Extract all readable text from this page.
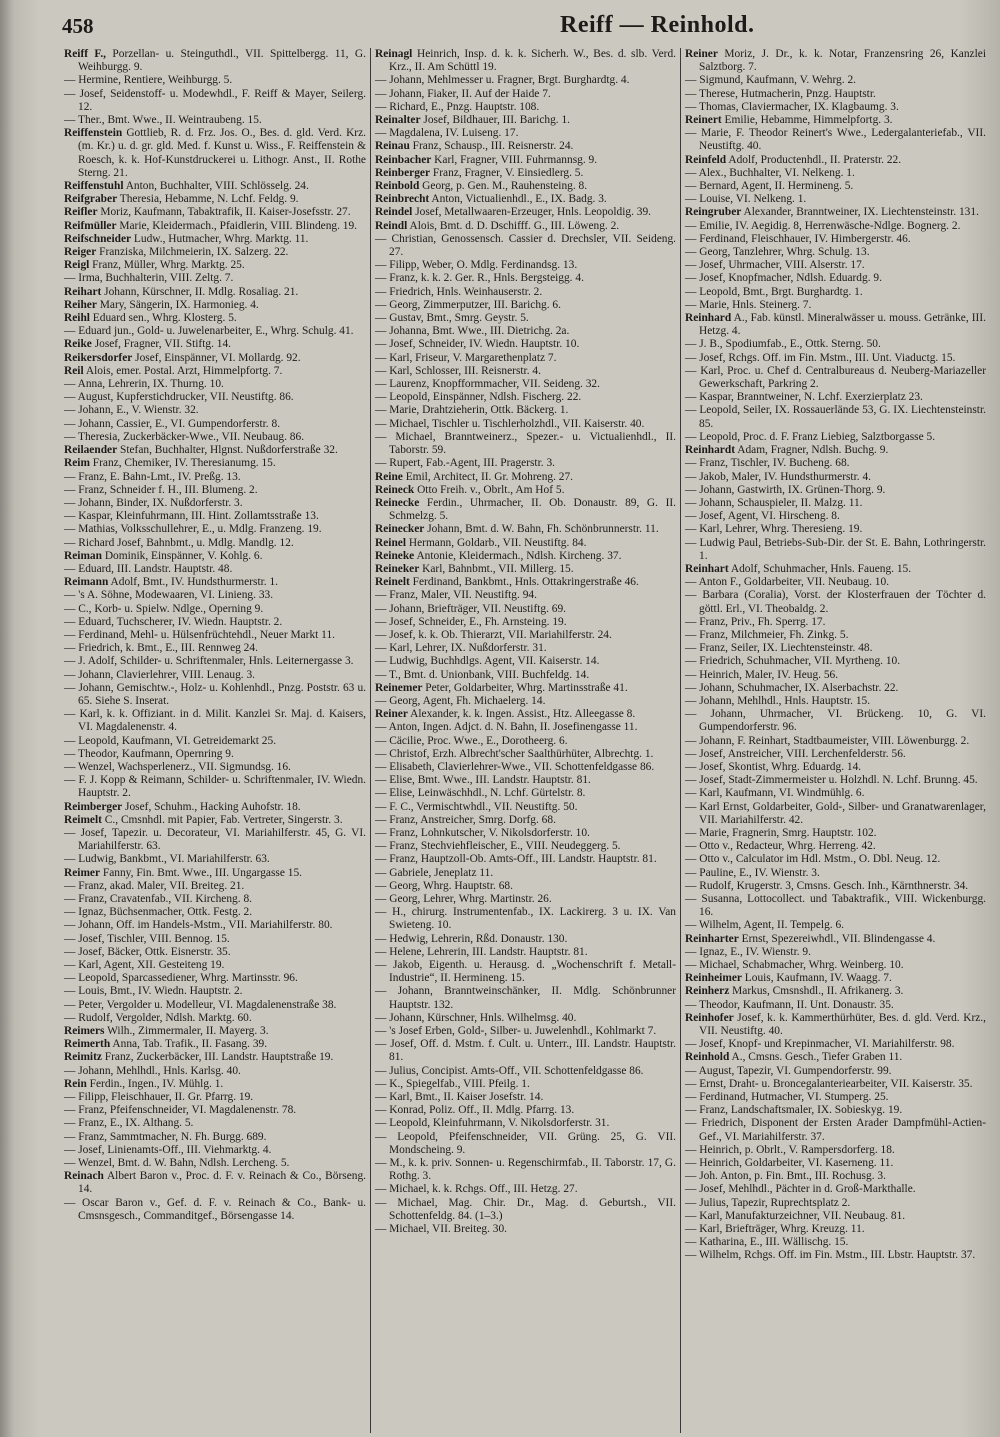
458	Reiff — Reinhold.
Reiff F., Porzellan- u. Steinguthdl., VII. Spittelbergg. 11, G. Weihburgg. 9.
— Hermine, Rentiere, Weihburgg. 5.
— Josef, Seidenstoff- u. Modewhdl., F. Reiff & Mayer, Seilerg. 12.
— Ther., Bmt. Wwe., II. Weintraubeng. 15.
Reiffenstein Gottlieb, R. d. Frz. Jos. O., Bes. d. gld. Verd. Krz. (m. Kr.) u. d. gr. gld. Med. f. Kunst u. Wiss., F. Reiffenstein & Roesch, k. k. Hof-Kunstdruckerei u. Lithogr. Anst., II. Rothe Sterng. 21.
Reiffenstuhl Anton, Buchhalter, VIII. Schlösselg. 24.
Reifgraber Theresia, Hebamme, N. Lchf. Feldg. 9.
Reifler Moriz, Kaufmann, Tabaktrafik, II. Kaiser-Josefsstr. 27.
Reifmüller Marie, Kleidermach., Pfaidlerin, VIII. Blindeng. 19.
Reifschneider Ludw., Hutmacher, Whrg. Marktg. 11.
Reiger Franziska, Milchmeierin, IX. Salzerg. 22.
Reigl Franz, Müller, Whrg. Marktg. 25.
— Irma, Buchhalterin, VIII. Zeltg. 7.
Reihart Johann, Kürschner, II. Mdlg. Rosaliag. 21.
Reiher Mary, Sängerin, IX. Harmonieg. 4.
Reihl Eduard sen., Whrg. Klosterg. 5.
— Eduard jun., Gold- u. Juwelenarbeiter, E., Whrg. Schulg. 41.
Reike Josef, Fragner, VII. Stiftg. 14.
Reikersdorfer Josef, Einspänner, VI. Mollardg. 92.
Reil Alois, emer. Postal. Arzt, Himmelpfortg. 7.
— Anna, Lehrerin, IX. Thurng. 10.
— August, Kupferstichdrucker, VII. Neustiftg. 86.
— Johann, E., V. Wienstr. 32.
— Johann, Cassier, E., VI. Gumpendorferstr. 8.
— Theresia, Zuckerbäcker-Wwe., VII. Neubaug. 86.
Reilaender Stefan, Buchhalter, Hlgnst. Nußdorferstraße 32.
Reim Franz, Chemiker, IV. Theresianumg. 15.
— Franz, E. Bahn-Lmt., IV. Preßg. 13.
— Franz, Schneider f. H., III. Blumeng. 2.
— Johann, Binder, IX. Nußdorferstr. 3.
— Kaspar, Kleinfuhrmann, III. Hint. Zollamtsstraße 13.
— Mathias, Volksschullehrer, E., u. Mdlg. Franzeng. 19.
— Richard Josef, Bahnbmt., u. Mdlg. Mandlg. 12.
Reiman Dominik, Einspänner, V. Kohlg. 6.
— Eduard, III. Landstr. Hauptstr. 48.
Reimann Adolf, Bmt., IV. Hundsthurmerstr. 1.
— 's A. Söhne, Modewaaren, VI. Linieng. 33.
— C., Korb- u. Spielw. Ndlge., Operning 9.
— Eduard, Tuchscherer, IV. Wiedn. Hauptstr. 2.
— Ferdinand, Mehl- u. Hülsenfrüchtehdl., Neuer Markt 11.
— Friedrich, k. Bmt., E., III. Rennweg 24.
— J. Adolf, Schilder- u. Schriftenmaler, Hnls. Leiternergasse 3.
— Johann, Clavierlehrer, VIII. Lenaug. 3.
— Johann, Gemischtw.-, Holz- u. Kohlenhdl., Pnzg. Poststr. 63 u. 65. Siehe S. Inserat.
— Karl, k. k. Offiziant. in d. Milit. Kanzlei Sr. Maj. d. Kaisers, VI. Magdalenenstr. 4.
— Leopold, Kaufmann, VI. Getreidemarkt 25.
— Theodor, Kaufmann, Opernring 9.
— Wenzel, Wachsperlenerz., VII. Sigmundsg. 16.
— F. J. Kopp & Reimann, Schilder- u. Schriftenmaler, IV. Wiedn. Hauptstr. 2.
Reimberger Josef, Schuhm., Hacking Auhofstr. 18.
Reimelt C., Cmsnhdl. mit Papier, Fab. Vertreter, Singerstr. 3.
— Josef, Tapezir. u. Decorateur, VI. Mariahilferstr. 45, G. VI. Mariahilferstr. 63.
— Ludwig, Bankbmt., VI. Mariahilferstr. 63.
Reimer Fanny, Fin. Bmt. Wwe., III. Ungargasse 15.
— Franz, akad. Maler, VII. Breiteg. 21.
— Franz, Cravatenfab., VII. Kircheng. 8.
— Ignaz, Büchsenmacher, Ottk. Festg. 2.
— Johann, Off. im Handels-Mstm., VII. Mariahilferstr. 80.
— Josef, Tischler, VIII. Bennog. 15.
— Josef, Bäcker, Ottk. Eisnerstr. 35.
— Karl, Agent, XII. Gesteiteng 19.
— Leopold, Sparcassediener, Whrg. Martinsstr. 96.
— Louis, Bmt., IV. Wiedn. Hauptstr. 2.
— Peter, Vergolder u. Modelleur, VI. Magdalenenstraße 38.
— Rudolf, Vergolder, Ndlsh. Marktg. 60.
Reimers Wilh., Zimmermaler, II. Mayerg. 3.
Reimerth Anna, Tab. Trafik., II. Fasang. 39.
Reimitz Franz, Zuckerbäcker, III. Landstr. Hauptstraße 19.
— Johann, Mehlhdl., Hnls. Karlsg. 40.
Rein Ferdin., Ingen., IV. Mühlg. 1.
— Filipp, Fleischhauer, II. Gr. Pfarrg. 19.
— Franz, Pfeifenschneider, VI. Magdalenenstr. 78.
— Franz, E., IX. Althang. 5.
— Franz, Sammtmacher, N. Fh. Burgg. 689.
— Josef, Linienamts-Off., III. Viehmarktg. 4.
— Wenzel, Bmt. d. W. Bahn, Ndlsh. Lercheng. 5.
Reinach Albert Baron v., Proc. d. F. v. Reinach & Co., Börseng. 14.
— Oscar Baron v., Gef. d. F. v. Reinach & Co., Bank- u. Cmsnsgesch., Commanditgef., Börsengasse 14.
Reinagl Heinrich, Insp. d. k. k. Sicherh. W., Bes. d. slb. Verd. Krz., II. Am Schüttl 19.
— Johann, Mehlmesser u. Fragner, Brgt. Burghardtg. 4.
— Johann, Fiaker, II. Auf der Haide 7.
— Richard, E., Pnzg. Hauptstr. 108.
Reinalter Josef, Bildhauer, III. Barichg. 1.
— Magdalena, IV. Luiseng. 17.
Reinau Franz, Schausp., III. Reisnerstr. 24.
Reinbacher Karl, Fragner, VIII. Fuhrmannsg. 9.
Reinberger Franz, Fragner, V. Einsiedlerg. 5.
Reinbold Georg, p. Gen. M., Rauhensteing. 8.
Reinbrecht Anton, Victualienhdl., E., IX. Badg. 3.
Reindel Josef, Metallwaaren-Erzeuger, Hnls. Leopoldig. 39.
Reindl Alois, Bmt. d. D. Dschifff. G., III. Löweng. 2.
— Christian, Genossensch. Cassier d. Drechsler, VII. Seideng. 27.
— Filipp, Weber, O. Mdlg. Ferdinandsg. 13.
— Franz, k. k. 2. Ger. R., Hnls. Bergsteigg. 4.
— Friedrich, Hnls. Weinhauserstr. 2.
— Georg, Zimmerputzer, III. Barichg. 6.
— Gustav, Bmt., Smrg. Geystr. 5.
— Johanna, Bmt. Wwe., III. Dietrichg. 2a.
— Josef, Schneider, IV. Wiedn. Hauptstr. 10.
— Karl, Friseur, V. Margarethenplatz 7.
— Karl, Schlosser, III. Reisnerstr. 4.
— Laurenz, Knopfformmacher, VII. Seideng. 32.
— Leopold, Einspänner, Ndlsh. Fischerg. 22.
— Marie, Drahtzieherin, Ottk. Bäckerg. 1.
— Michael, Tischler u. Tischlerholzhdl., VII. Kaiserstr. 40.
— Michael, Branntweinerz., Spezer.- u. Victualienhdl., II. Taborstr. 59.
— Rupert, Fab.-Agent, III. Pragerstr. 3.
Reine Emil, Architect, II. Gr. Mohreng. 27.
Reineck Otto Freih. v., Obrlt., Am Hof 5.
Reinecke Ferdin., Uhrmacher, II. Ob. Donaustr. 89, G. II. Schmelzg. 5.
Reinecker Johann, Bmt. d. W. Bahn, Fh. Schönbrunnerstr. 11.
Reinel Hermann, Goldarb., VII. Neustiftg. 84.
Reineke Antonie, Kleidermach., Ndlsh. Kircheng. 37.
Reineker Karl, Bahnbmt., VII. Millerg. 15.
Reinelt Ferdinand, Bankbmt., Hnls. Ottakringerstraße 46.
— Franz, Maler, VII. Neustiftg. 94.
— Johann, Briefträger, VII. Neustiftg. 69.
— Josef, Schneider, E., Fh. Arnsteing. 19.
— Josef, k. k. Ob. Thierarzt, VII. Mariahilferstr. 24.
— Karl, Lehrer, IX. Nußdorferstr. 31.
— Ludwig, Buchhdlgs. Agent, VII. Kaiserstr. 14.
— T., Bmt. d. Unionbank, VIII. Buchfeldg. 14.
Reinemer Peter, Goldarbeiter, Whrg. Martinsstraße 41.
— Georg, Agent, Fh. Michaelerg. 14.
Reiner Alexander, k. k. Ingen. Assist., Htz. Alleegasse 8.
— Anton, Ingen. Adjct. d. N. Bahn, II. Josefinengasse 11.
— Cäcilie, Proc. Wwe., E., Dorotheerg. 6.
— Christof, Erzh. Albrecht'scher Saalthürhüter, Albrechtg. 1.
— Elisabeth, Clavierlehrer-Wwe., VII. Schottenfeldgasse 86.
— Elise, Bmt. Wwe., III. Landstr. Hauptstr. 81.
— Elise, Leinwäschhdl., N. Lchf. Gürtelstr. 8.
— F. C., Vermischtwhdl., VII. Neustiftg. 50.
— Franz, Anstreicher, Smrg. Dorfg. 68.
— Franz, Lohnkutscher, V. Nikolsdorferstr. 10.
— Franz, Stechviehfleischer, E., VIII. Neudeggerg. 5.
— Franz, Hauptzoll-Ob. Amts-Off., III. Landstr. Hauptstr. 81.
— Gabriele, Jeneplatz 11.
— Georg, Whrg. Hauptstr. 68.
— Georg, Lehrer, Whrg. Martinstr. 26.
— H., chirurg. Instrumentenfab., IX. Lackirerg. 3 u. IX. Van Swieteng. 10.
— Hedwig, Lehrerin, Rßd. Donaustr. 130.
— Helene, Lehrerin, III. Landstr. Hauptstr. 81.
— Jakob, Eigenth. u. Herausg. d. „Wochenschrift f. Metall-Industrie“, II. Hermineng. 15.
— Johann, Branntweinschänker, II. Mdlg. Schönbrunner Hauptstr. 132.
— Johann, Kürschner, Hnls. Wilhelmsg. 40.
— 's Josef Erben, Gold-, Silber- u. Juwelenhdl., Kohlmarkt 7.
— Josef, Off. d. Mstm. f. Cult. u. Unterr., III. Landstr. Hauptstr. 81.
— Julius, Concipist. Amts-Off., VII. Schottenfeldgasse 86.
— K., Spiegelfab., VIII. Pfeilg. 1.
— Karl, Bmt., II. Kaiser Josefstr. 14.
— Konrad, Poliz. Off., II. Mdlg. Pfarrg. 13.
— Leopold, Kleinfuhrmann, V. Nikolsdorferstr. 31.
— Leopold, Pfeifenschneider, VII. Grüng. 25, G. VII. Mondscheing. 9.
— M., k. k. priv. Sonnen- u. Regenschirmfab., II. Taborstr. 17, G. Rothg. 3.
— Michael, k. k. Rchgs. Off., III. Hetzg. 27.
— Michael, Mag. Chir. Dr., Mag. d. Geburtsh., VII. Schottenfeldg. 84. (1–3.)
— Michael, VII. Breiteg. 30.
Reiner Moriz, J. Dr., k. k. Notar, Franzensring 26, Kanzlei Salztborg. 7.
— Sigmund, Kaufmann, V. Wehrg. 2.
— Therese, Hutmacherin, Pnzg. Hauptstr.
— Thomas, Claviermacher, IX. Klagbaumg. 3.
Reinert Emilie, Hebamme, Himmelpfortg. 3.
— Marie, F. Theodor Reinert's Wwe., Ledergalanteriefab., VII. Neustiftg. 40.
Reinfeld Adolf, Productenhdl., II. Praterstr. 22.
— Alex., Buchhalter, VI. Nelkeng. 1.
— Bernard, Agent, II. Hermineng. 5.
— Louise, VI. Nelkeng. 1.
Reingruber Alexander, Branntweiner, IX. Liechtensteinstr. 131.
— Emilie, IV. Aegidig. 8, Herrenwäsche-Ndlge. Bognerg. 2.
— Ferdinand, Fleischhauer, IV. Himbergerstr. 46.
— Georg, Tanzlehrer, Whrg. Schulg. 13.
— Josef, Uhrmacher, VIII. Alserstr. 17.
— Josef, Knopfmacher, Ndlsh. Eduardg. 9.
— Leopold, Bmt., Brgt. Burghardtg. 1.
— Marie, Hnls. Steinerg. 7.
Reinhard A., Fab. künstl. Mineralwässer u. mouss. Getränke, III. Hetzg. 4.
— J. B., Spodiumfab., E., Ottk. Sterng. 50.
— Josef, Rchgs. Off. im Fin. Mstm., III. Unt. Viaductg. 15.
— Karl, Proc. u. Chef d. Centralbureaus d. Neuberg-Mariazeller Gewerkschaft, Parkring 2.
— Kaspar, Branntweiner, N. Lchf. Exerzierplatz 23.
— Leopold, Seiler, IX. Rossauerlände 53, G. IX. Liechtensteinstr. 85.
— Leopold, Proc. d. F. Franz Liebieg, Salztborgasse 5.
Reinhardt Adam, Fragner, Ndlsh. Buchg. 9.
— Franz, Tischler, IV. Bucheng. 68.
— Jakob, Maler, IV. Hundsthurmerstr. 4.
— Johann, Gastwirth, IX. Grünen-Thorg. 9.
— Johann, Schauspieler, II. Malzg. 11.
— Josef, Agent, VI. Hirscheng. 8.
— Karl, Lehrer, Whrg. Theresieng. 19.
— Ludwig Paul, Betriebs-Sub-Dir. der St. E. Bahn, Lothringerstr. 1.
Reinhart Adolf, Schuhmacher, Hnls. Faueng. 15.
— Anton F., Goldarbeiter, VII. Neubaug. 10.
— Barbara (Coralia), Vorst. der Klosterfrauen der Töchter d. göttl. Erl., VI. Theobaldg. 2.
— Franz, Priv., Fh. Sperrg. 17.
— Franz, Milchmeier, Fh. Zinkg. 5.
— Franz, Seiler, IX. Liechtensteinstr. 48.
— Friedrich, Schuhmacher, VII. Myrtheng. 10.
— Heinrich, Maler, IV. Heug. 56.
— Johann, Schuhmacher, IX. Alserbachstr. 22.
— Johann, Mehlhdl., Hnls. Hauptstr. 15.
— Johann, Uhrmacher, VI. Brückeng. 10, G. VI. Gumpendorferstr. 96.
— Johann, F. Reinhart, Stadtbaumeister, VIII. Löwenburgg. 2.
— Josef, Anstreicher, VIII. Lerchenfelderstr. 56.
— Josef, Skontist, Whrg. Eduardg. 14.
— Josef, Stadt-Zimmermeister u. Holzhdl. N. Lchf. Brunng. 45.
— Karl, Kaufmann, VI. Windmühlg. 6.
— Karl Ernst, Goldarbeiter, Gold-, Silber- und Granatwarenlager, VII. Mariahilferstr. 42.
— Marie, Fragnerin, Smrg. Hauptstr. 102.
— Otto v., Redacteur, Whrg. Herreng. 42.
— Otto v., Calculator im Hdl. Mstm., O. Dbl. Neug. 12.
— Pauline, E., IV. Wienstr. 3.
— Rudolf, Krugerstr. 3, Cmsns. Gesch. Inh., Kärnthnerstr. 34.
— Susanna, Lottocollect. und Tabaktrafik., VIII. Wickenburgg. 16.
— Wilhelm, Agent, II. Tempelg. 6.
Reinharter Ernst, Spezereiwhdl., VII. Blindengasse 4.
— Ignaz, E., IV. Wienstr. 9.
— Michael, Schabmacher, Whrg. Weinberg. 10.
Reinheimer Louis, Kaufmann, IV. Waagg. 7.
Reinherz Markus, Cmsnshdl., II. Afrikanerg. 3.
— Theodor, Kaufmann, II. Unt. Donaustr. 35.
Reinhofer Josef, k. k. Kammerthürhüter, Bes. d. gld. Verd. Krz., VII. Neustiftg. 40.
— Josef, Knopf- und Krepinmacher, VI. Mariahilferstr. 98.
Reinhold A., Cmsns. Gesch., Tiefer Graben 11.
— August, Tapezir, VI. Gumpendorferstr. 99.
— Ernst, Draht- u. Broncegalanteriearbeiter, VII. Kaiserstr. 35.
— Ferdinand, Hutmacher, VI. Stumperg. 25.
— Franz, Landschaftsmaler, IX. Sobieskyg. 19.
— Friedrich, Disponent der Ersten Arader Dampfmühl-Actien-Gef., VI. Mariahilferstr. 37.
— Heinrich, p. Obrlt., V. Rampersdorferg. 18.
— Heinrich, Goldarbeiter, VI. Kaserneng. 11.
— Joh. Anton, p. Fin. Bmt., III. Rochusg. 3.
— Josef, Mehlhdl., Pächter in d. Groß-Markthalle.
— Julius, Tapezir, Ruprechtsplatz 2.
— Karl, Manufakturzeichner, VII. Neubaug. 81.
— Karl, Briefträger, Whrg. Kreuzg. 11.
— Katharina, E., III. Wällischg. 15.
— Wilhelm, Rchgs. Off. im Fin. Mstm., III. Lbstr. Hauptstr. 37.
